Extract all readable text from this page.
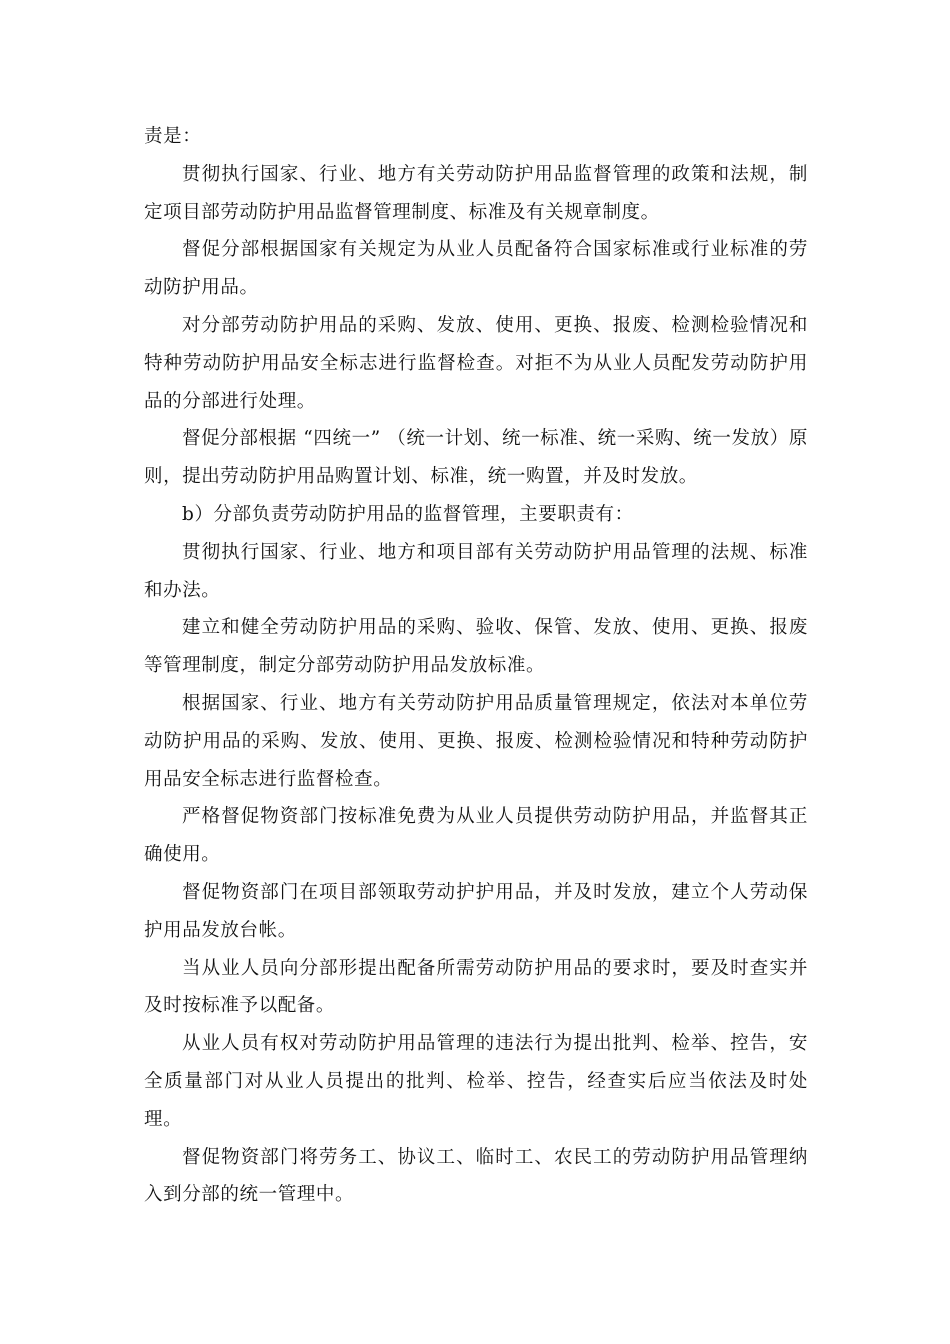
责是：

贯彻执行国家、行业、地方有关劳动防护用品监督管理的政策和法规，制定项目部劳动防护用品监督管理制度、标准及有关规章制度。

督促分部根据国家有关规定为从业人员配备符合国家标准或行业标准的劳动防护用品。

对分部劳动防护用品的采购、发放、使用、更换、报废、检测检验情况和特种劳动防护用品安全标志进行监督检查。对拒不为从业人员配发劳动防护用品的分部进行处理。

督促分部根据 “四统一” （统一计划、统一标准、统一采购、统一发放）原则，提出劳动防护用品购置计划、标准，统一购置，并及时发放。

b）分部负责劳动防护用品的监督管理，主要职责有：

贯彻执行国家、行业、地方和项目部有关劳动防护用品管理的法规、标准和办法。

建立和健全劳动防护用品的采购、验收、保管、发放、使用、更换、报废等管理制度，制定分部劳动防护用品发放标准。

根据国家、行业、地方有关劳动防护用品质量管理规定，依法对本单位劳动防护用品的采购、发放、使用、更换、报废、检测检验情况和特种劳动防护用品安全标志进行监督检查。

严格督促物资部门按标准免费为从业人员提供劳动防护用品，并监督其正确使用。

督促物资部门在项目部领取劳动护护用品，并及时发放，建立个人劳动保护用品发放台帐。

当从业人员向分部形提出配备所需劳动防护用品的要求时，要及时查实并及时按标准予以配备。

从业人员有权对劳动防护用品管理的违法行为提出批判、检举、控告，安全质量部门对从业人员提出的批判、检举、控告，经查实后应当依法及时处理。

督促物资部门将劳务工、协议工、临时工、农民工的劳动防护用品管理纳入到分部的统一管理中。
